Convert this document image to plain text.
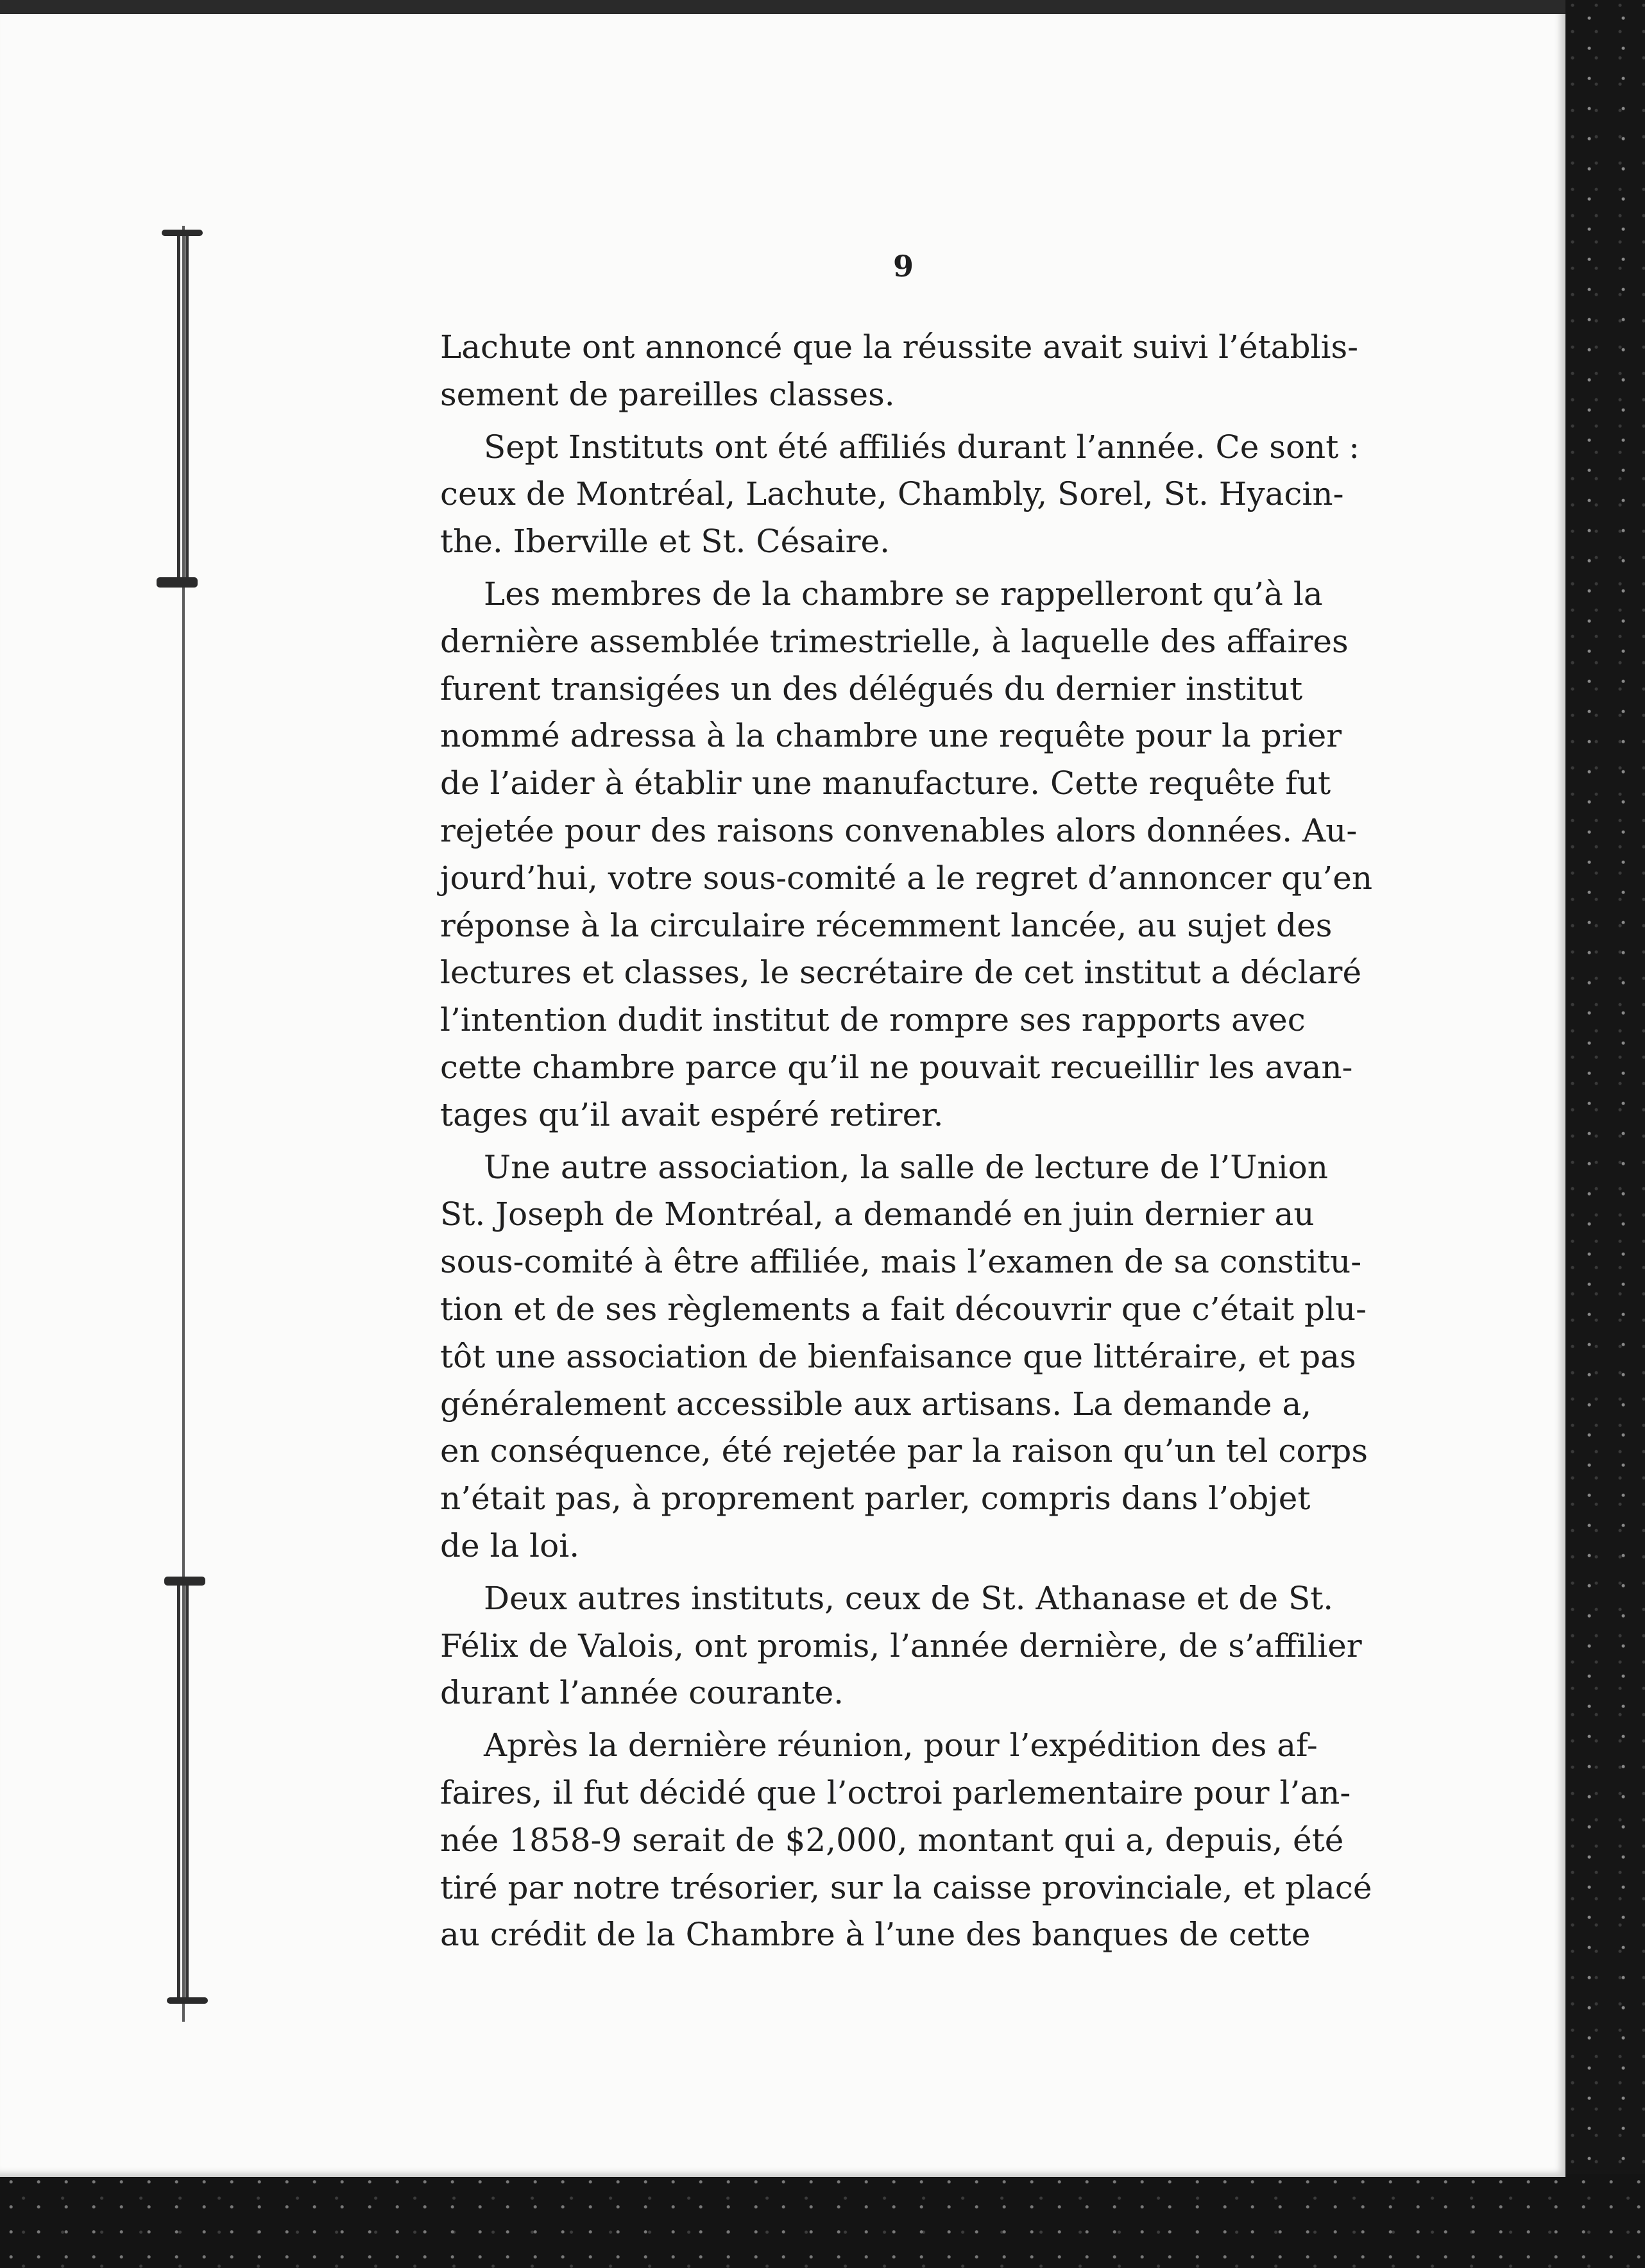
9
Lachute ont annoncé que la réussite avait suivi l’établis-
sement de pareilles classes.
Sept Instituts ont été affiliés durant l’année. Ce sont :
ceux de Montréal, Lachute, Chambly, Sorel, St. Hyacin-
the. Iberville et St. Césaire.
Les membres de la chambre se rappelleront qu’à la
dernière assemblée trimestrielle, à laquelle des affaires
furent transigées un des délégués du dernier institut
nommé adressa à la chambre une requête pour la prier
de l’aider à établir une manufacture. Cette requête fut
rejetée pour des raisons convenables alors données. Au-
jourd’hui, votre sous-comité a le regret d’annoncer qu’en
réponse à la circulaire récemment lancée, au sujet des
lectures et classes, le secrétaire de cet institut a déclaré
l’intention dudit institut de rompre ses rapports avec
cette chambre parce qu’il ne pouvait recueillir les avan-
tages qu’il avait espéré retirer.
Une autre association, la salle de lecture de l’Union
St. Joseph de Montréal, a demandé en juin dernier au
sous-comité à être affiliée, mais l’examen de sa constitu-
tion et de ses règlements a fait découvrir que c’était plu-
tôt une association de bienfaisance que littéraire, et pas
généralement accessible aux artisans. La demande a,
en conséquence, été rejetée par la raison qu’un tel corps
n’était pas, à proprement parler, compris dans l’objet
de la loi.
Deux autres instituts, ceux de St. Athanase et de St.
Félix de Valois, ont promis, l’année dernière, de s’affilier
durant l’année courante.
Après la dernière réunion, pour l’expédition des af-
faires, il fut décidé que l’octroi parlementaire pour l’an-
née 1858-9 serait de $2,000, montant qui a, depuis, été
tiré par notre trésorier, sur la caisse provinciale, et placé
au crédit de la Chambre à l’une des banques de cette
